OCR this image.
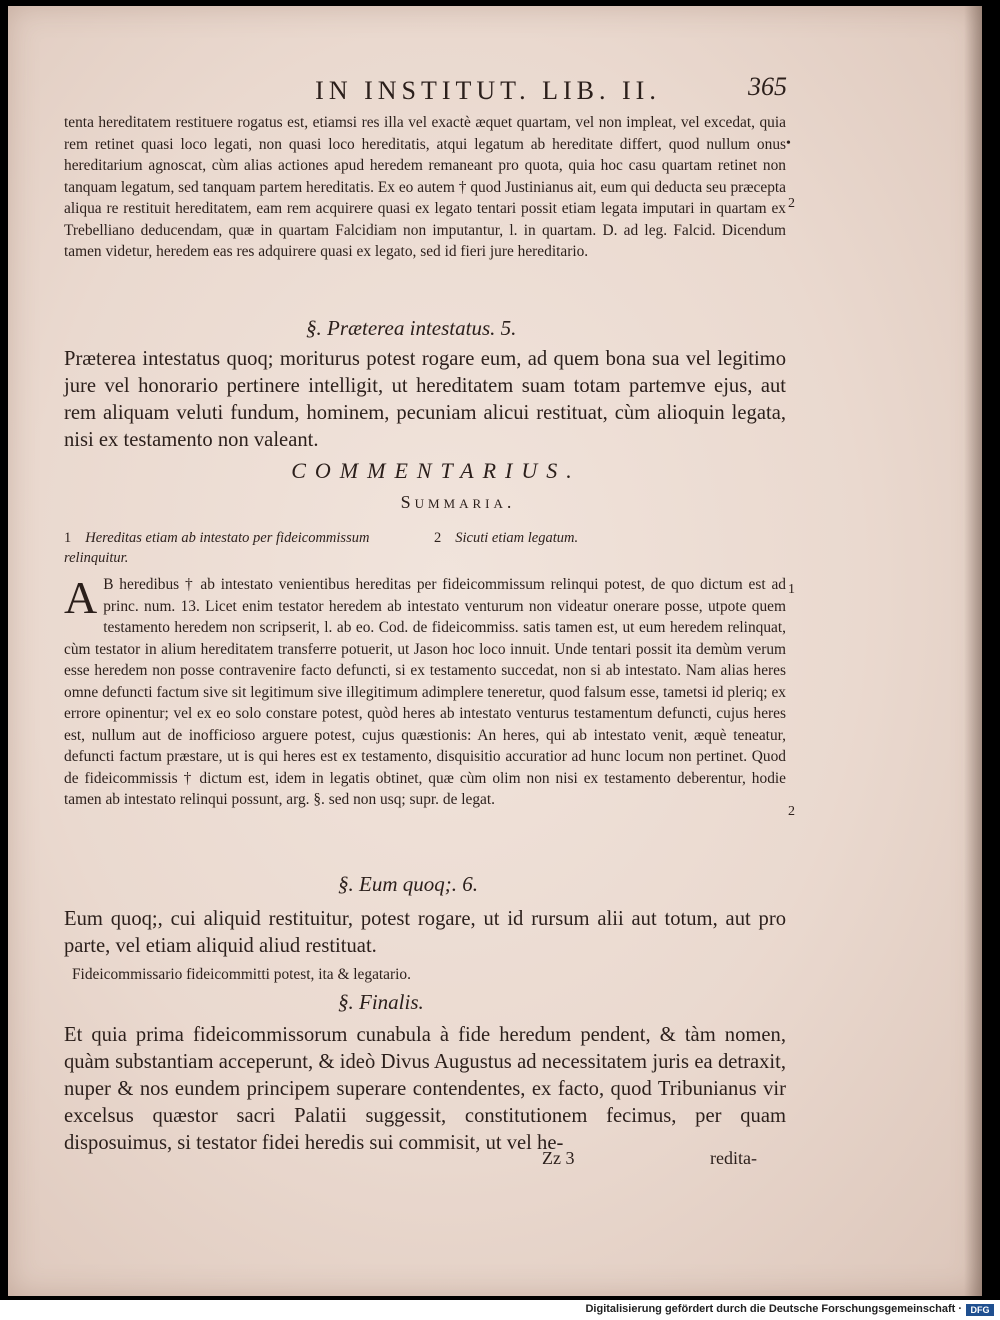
IN INSTITUT. LIB. II.	365
tenta hereditatem restituere rogatus est, etiamsi res illa vel exactè æquet quartam, vel non impleat, vel excedat, quia rem retinet quasi loco legati, non quasi loco hereditatis, atqui legatum ab hereditate differt, quod nullum onus hereditarium agnoscat, cùm alias actiones apud heredem remaneant pro quota, quia hoc casu quartam retinet non tanquam legatum, sed tanquam partem hereditatis. Ex eo autem † quod Justinianus ait, eum qui deducta seu præcepta aliqua re restituit hereditatem, eam rem acquirere quasi ex legato tentari possit etiam legata imputari in quartam ex Trebelliano deducendam, quæ in quartam Falcidiam non imputantur, l. in quartam. D. ad leg. Falcid. Dicendum tamen videtur, heredem eas res adquirere quasi ex legato, sed id fieri jure hereditario.
•
2
§. Præterea intestatus. 5.
Præterea intestatus quoq; moriturus potest rogare eum, ad quem bona sua vel legitimo jure vel honorario pertinere intelligit, ut hereditatem suam totam partemve ejus, aut rem aliquam veluti fundum, hominem, pecuniam alicui restituat, cùm alioquin legata, nisi ex testamento non valeant.
COMMENTARIUS.
Summaria.
1 Hereditas etiam ab intestato per fideicommissum relinquitur.
2 Sicuti etiam legatum.
A B heredibus † ab intestato venientibus hereditas per fideicommissum relinqui potest, de quo dictum est ad princ. num. 13. Licet enim testator heredem ab intestato venturum non videatur onerare posse, utpote quem testamento heredem non scripserit, l. ab eo. Cod. de fideicommiss. satis tamen est, ut eum heredem relinquat, cùm testator in alium hereditatem transferre potuerit, ut Jason hoc loco innuit. Unde tentari possit ita demùm verum esse heredem non posse contravenire facto defuncti, si ex testamento succedat, non si ab intestato. Nam alias heres omne defuncti factum sive sit legitimum sive illegitimum adimplere teneretur, quod falsum esse, tametsi id pleriq; ex errore opinentur; vel ex eo solo constare potest, quòd heres ab intestato venturus testamentum defuncti, cujus heres est, nullum aut de inofficioso arguere potest, cujus quæstionis: An heres, qui ab intestato venit, æquè teneatur, defuncti factum præstare, ut is qui heres est ex testamento, disquisitio accuratior ad hunc locum non pertinet. Quod de fideicommissis † dictum est, idem in legatis obtinet, quæ cùm olim non nisi ex testamento deberentur, hodie tamen ab intestato relinqui possunt, arg. §. sed non usq; supr. de legat.
1
2
§. Eum quoq;. 6.
Eum quoq;, cui aliquid restituitur, potest rogare, ut id rursum alii aut totum, aut pro parte, vel etiam aliquid aliud restituat.
Fideicommissario fideicommitti potest, ita & legatario.
§. Finalis.
Et quia prima fideicommissorum cunabula à fide heredum pendent, & tàm nomen, quàm substantiam acceperunt, & ideò Divus Augustus ad necessitatem juris ea detraxit, nuper & nos eundem principem superare contendentes, ex facto, quod Tribunianus vir excelsus quæstor sacri Palatii suggessit, constitutionem fecimus, per quam disposuimus, si testator fidei heredis sui commisit, ut vel he-
Zz 3	redita-
Digitalisierung gefördert durch die Deutsche Forschungsgemeinschaft · DFG
